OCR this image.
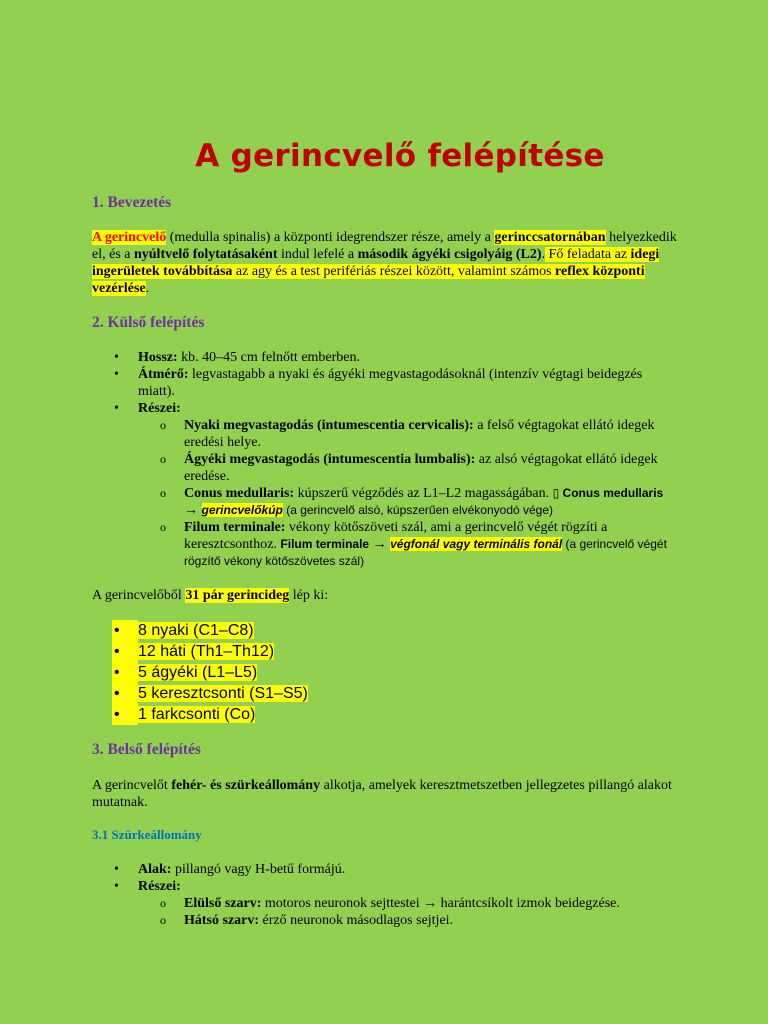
A gerincvelő felépítése
1. Bevezetés
A gerincvelő (medulla spinalis) a központi idegrendszer része, amely a gerinccsatornában helyezkedik el, és a nyúltvelő folytatásaként indul lefelé a második ágyéki csigolyáig (L2). Fő feladata az idegi ingerületek továbbítása az agy és a test perifériás részei között, valamint számos reflex központi vezérlése.
2. Külső felépítés
• Hossz: kb. 40–45 cm felnőtt emberben.
• Átmérő: legvastagabb a nyaki és ágyéki megvastagodásoknál (intenzív végtagi beidegzés miatt).
• Részei:
o Nyaki megvastagodás (intumescentia cervicalis): a felső végtagokat ellátó idegek eredési helye.
o Ágyéki megvastagodás (intumescentia lumbalis): az alsó végtagokat ellátó idegek eredése.
o Conus medullaris: kúpszerű végződés az L1–L2 magasságában. ▯ Conus medullaris → gerincvelőkúp (a gerincvelő alsó, kúpszerűen elvékonyodó vége)
o Filum terminale: vékony kötőszöveti szál, ami a gerincvelő végét rögzíti a keresztcsonthoz. Filum terminale → végfonál vagy terminális fonál (a gerincvelő végét rögzítő vékony kötőszövetes szál)
A gerincvelőből 31 pár gerincideg lép ki:
• 8 nyaki (C1–C8)
• 12 háti (Th1–Th12)
• 5 ágyéki (L1–L5)
• 5 keresztcsonti (S1–S5)
• 1 farkcsonti (Co)
3. Belső felépítés
A gerincvelőt fehér- és szürkeállomány alkotja, amelyek keresztmetszetben jellegzetes pillangó alakot mutatnak.
3.1 Szürkeállomány
• Alak: pillangó vagy H-betű formájú.
• Részei:
o Elülső szarv: motoros neuronok sejttestei → harántcsíkolt izmok beidegzése.
o Hátsó szarv: érző neuronok másodlagos sejtjei.
